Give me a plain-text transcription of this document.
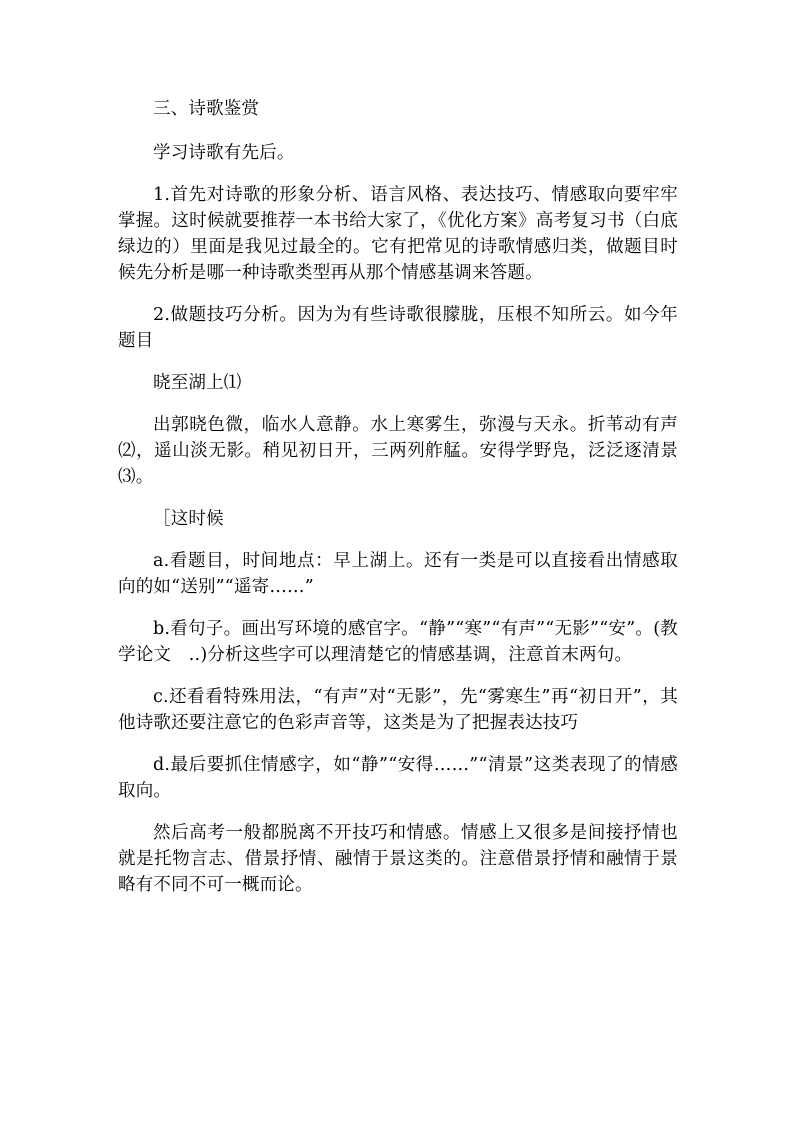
三、诗歌鉴赏

学习诗歌有先后。

1.首先对诗歌的形象分析、语言风格、表达技巧、情感取向要牢牢掌握。这时候就要推荐一本书给大家了，《优化方案》高考复习书（白底绿边的）里面是我见过最全的。它有把常见的诗歌情感归类，做题目时候先分析是哪一种诗歌类型再从那个情感基调来答题。

2.做题技巧分析。因为为有些诗歌很朦胧，压根不知所云。如今年题目

晓至湖上⑴

出郭晓色微，临水人意静。水上寒雾生，弥漫与天永。折苇动有声⑵，遥山淡无影。稍见初日开，三两列舴艋。安得学野凫，泛泛逐清景⑶。

［这时候

a.看题目，时间地点：早上湖上。还有一类是可以直接看出情感取向的如“送别”“遥寄……”

b.看句子。画出写环境的感官字。“静”“寒”“有声”“无影”“安”。(教学论文　..)分析这些字可以理清楚它的情感基调，注意首末两句。

c.还看看特殊用法，“有声”对“无影”，先“雾寒生”再“初日开”，其他诗歌还要注意它的色彩声音等，这类是为了把握表达技巧

d.最后要抓住情感字，如“静”“安得……”“清景”这类表现了的情感取向。

然后高考一般都脱离不开技巧和情感。情感上又很多是间接抒情也就是托物言志、借景抒情、融情于景这类的。注意借景抒情和融情于景略有不同不可一概而论。
